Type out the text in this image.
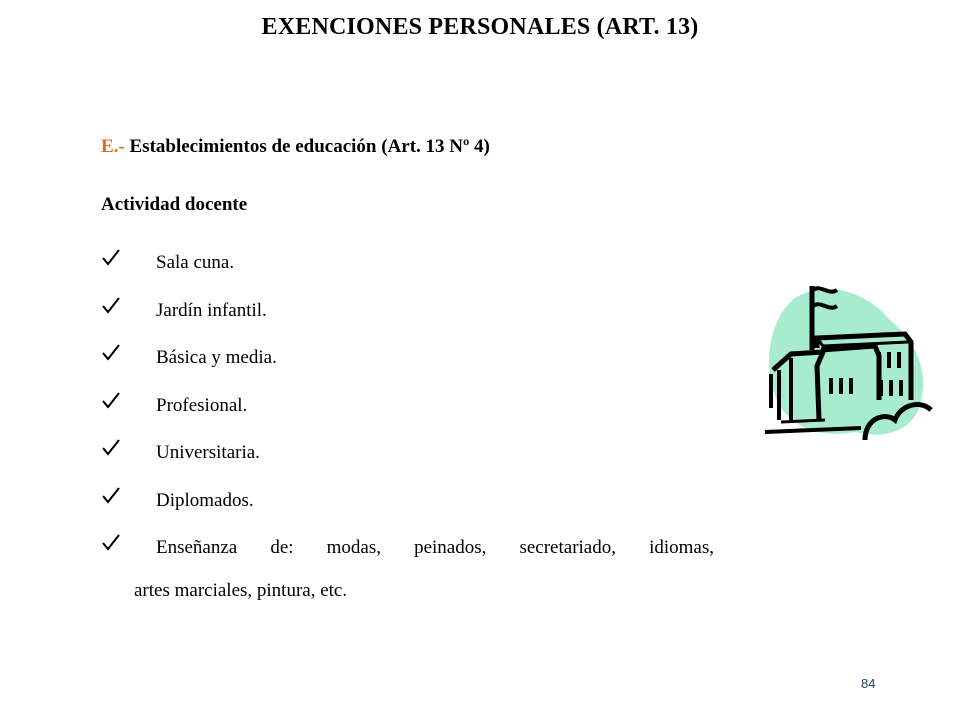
EXENCIONES PERSONALES (ART. 13)
E.- Establecimientos de educación (Art. 13 Nº 4)
Actividad docente
Sala cuna.
Jardín infantil.
Básica y media.
Profesional.
Universitaria.
Diplomados.
Enseñanza de: modas, peinados, secretariado, idiomas,
artes marciales, pintura, etc.
84
